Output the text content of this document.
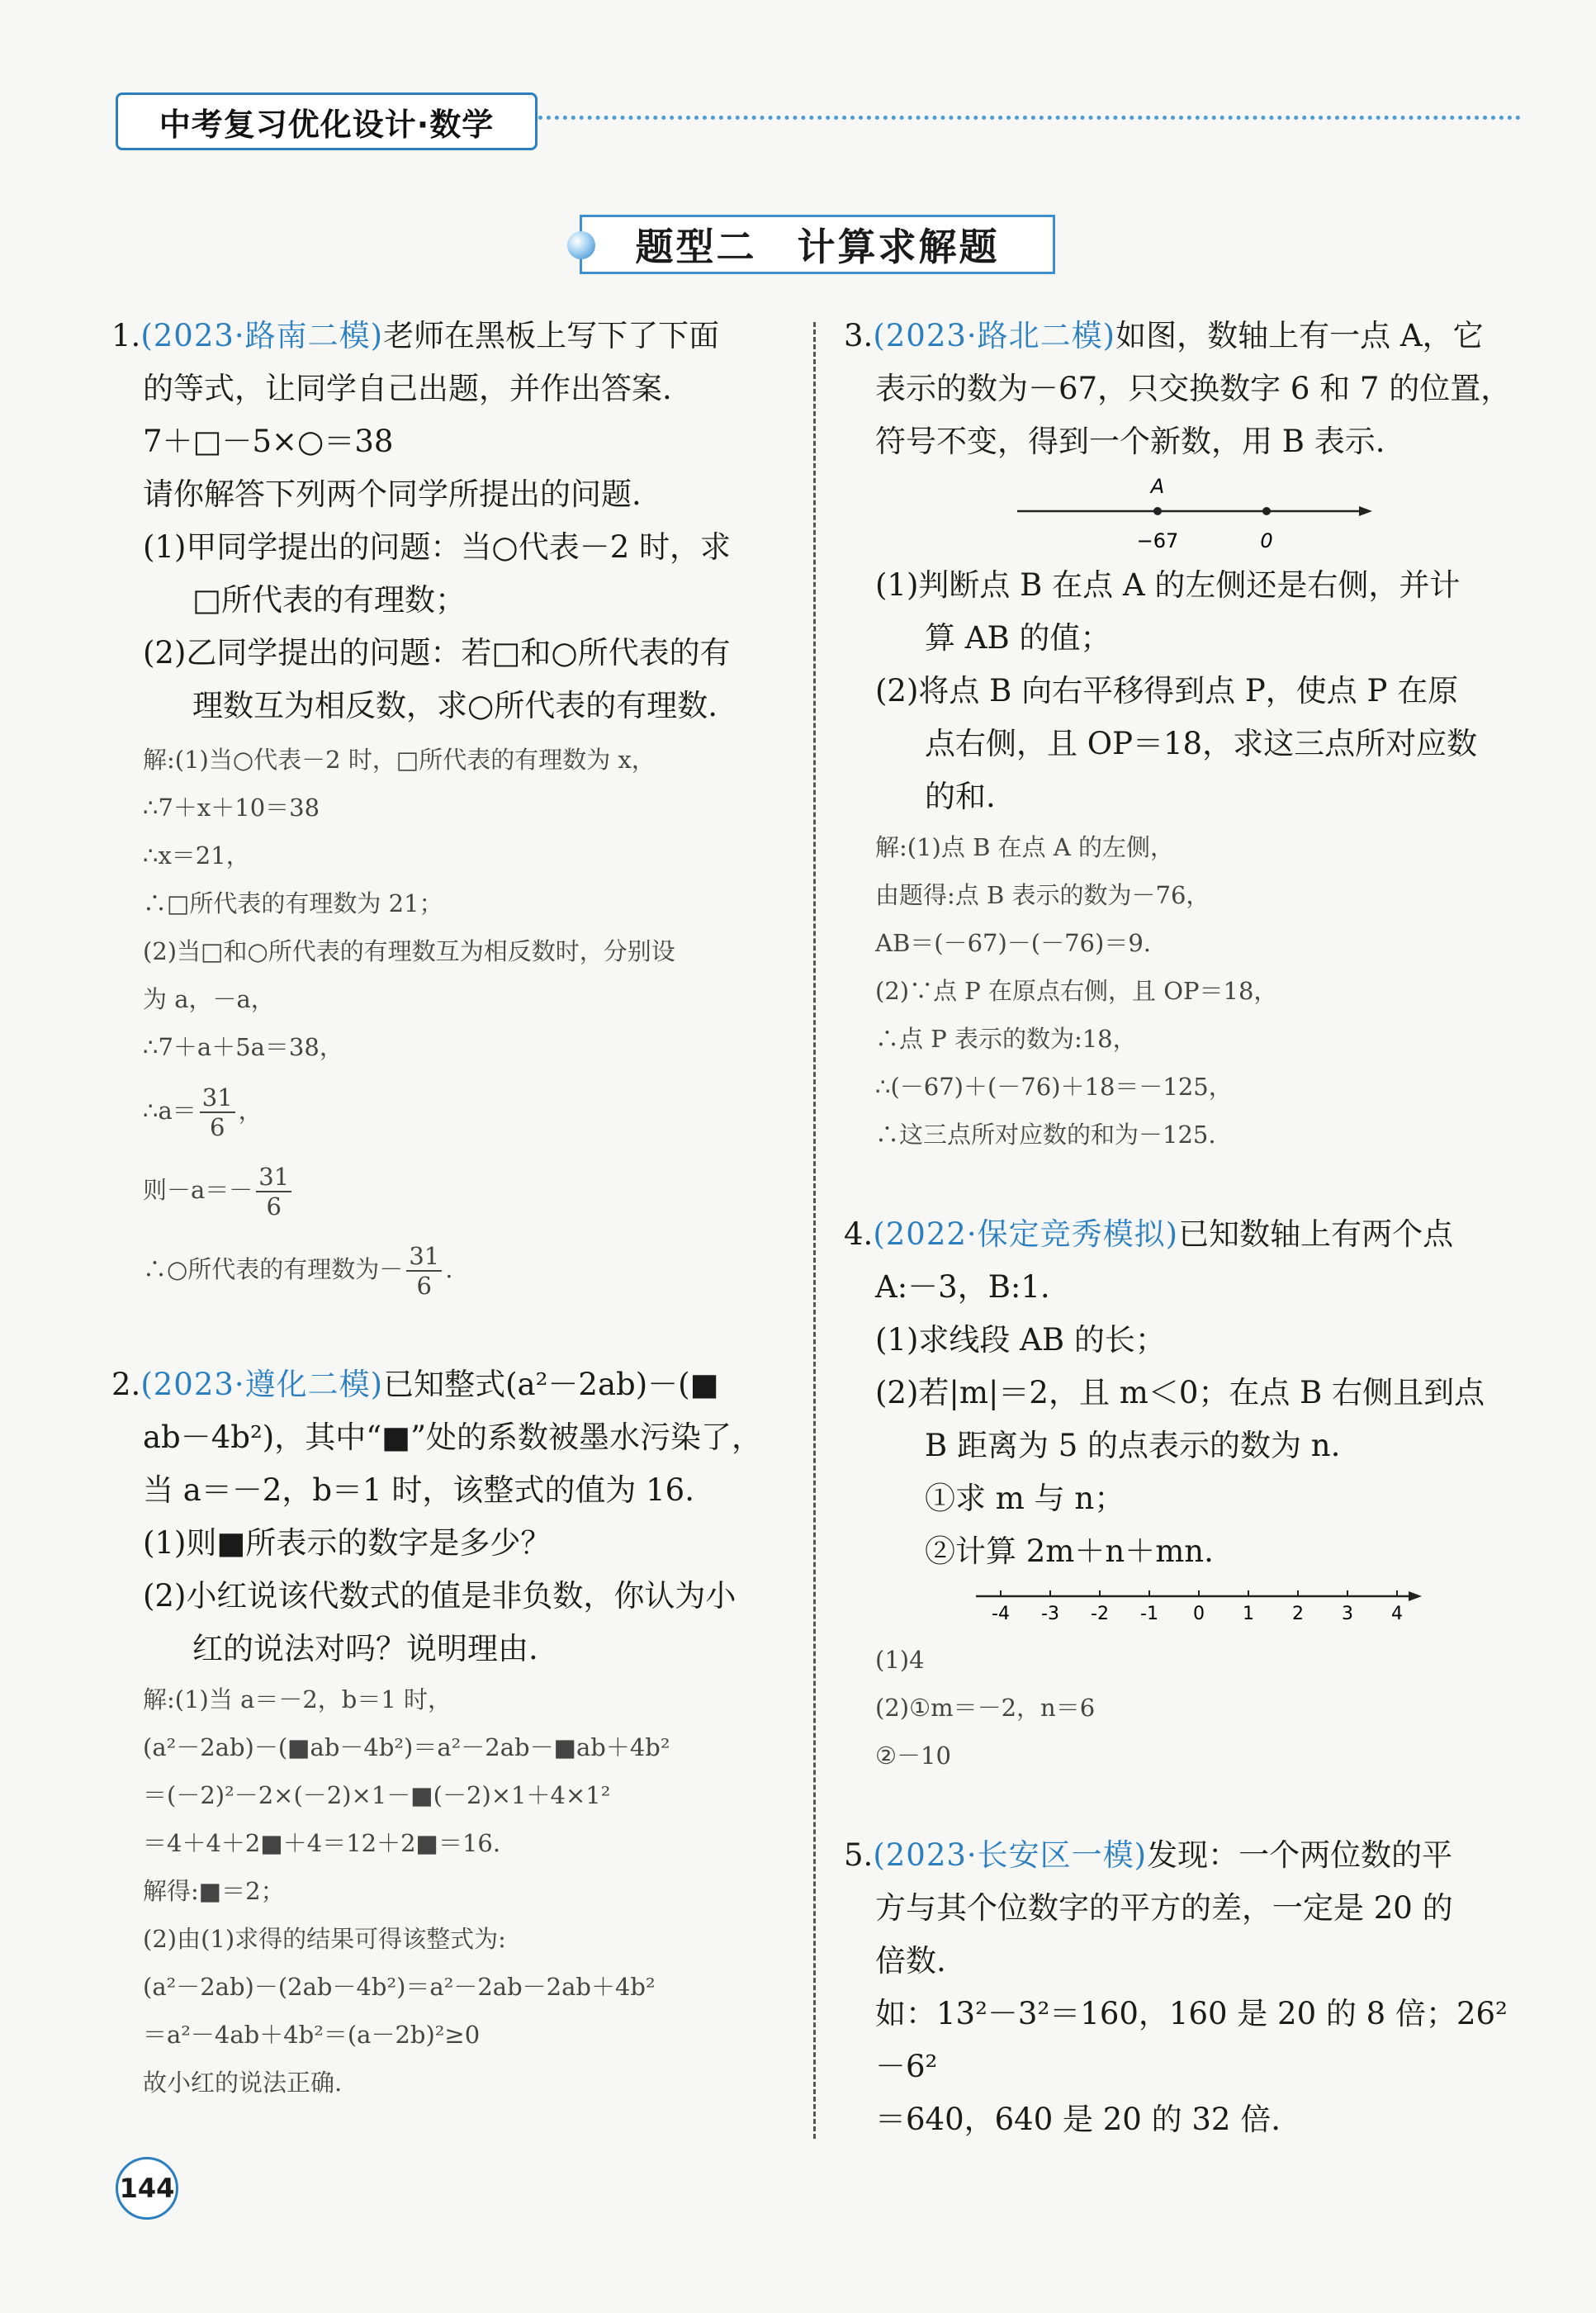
中考复习优化设计·数学
题型二　计算求解题

1.(2023·路南二模)老师在黑板上写下了下面

的等式，让同学自己出题，并作出答案.

7＋□－5×○＝38

请你解答下列两个同学所提出的问题.

(1)甲同学提出的问题：当○代表－2 时，求

□所代表的有理数；

(2)乙同学提出的问题：若□和○所代表的有

理数互为相反数，求○所代表的有理数.

解:(1)当○代表－2 时，□所代表的有理数为 x，

∴7＋x＋10＝38

∴x＝21，

∴□所代表的有理数为 21；

(2)当□和○所代表的有理数互为相反数时，分别设

为 a，－a，

∴7＋a＋5a＝38，

∴a＝ $\frac{31}{6}$ ，

则$-a=- \frac{31}{6}$

∴○所代表的有理数为－ $\frac{31}{6}$ .

2.(2023·遵化二模)已知整式(a²－2ab)－(■

ab－4b²)，其中“■”处的系数被墨水污染了，

当 a＝－2，b＝1 时，该整式的值为 16.

(1)则■所表示的数字是多少？

(2)小红说该代数式的值是非负数，你认为小

红的说法对吗？说明理由.

解:(1)当 a＝－2，b＝1 时，

(a²－2ab)－(■ab－4b²)＝a²－2ab－■ab＋4b²

＝(－2)²－2×(－2)×1－■(－2)×1＋4×1²

＝4＋4＋2■＋4＝12＋2■＝16.

解得:■＝2；

(2)由(1)求得的结果可得该整式为:

(a²－2ab)－(2ab－4b²)＝a²－2ab－2ab＋4b²

＝a²－4ab＋4b²＝(a－2b)²≥0

故小红的说法正确.

3.(2023·路北二模)如图，数轴上有一点 A，它

表示的数为－67，只交换数字 6 和 7 的位置，

符号不变，得到一个新数，用 B 表示.

A
−67	0

(1)判断点 B 在点 A 的左侧还是右侧，并计

算 AB 的值；

(2)将点 B 向右平移得到点 P，使点 P 在原

点右侧，且 OP＝18，求这三点所对应数

的和.

解:(1)点 B 在点 A 的左侧，

由题得:点 B 表示的数为－76，

AB＝(－67)－(－76)＝9.

(2)∵点 P 在原点右侧，且 OP＝18，

∴点 P 表示的数为:18，

∴(－67)＋(－76)＋18＝－125，

∴这三点所对应数的和为－125.

4.(2022·保定竞秀模拟)已知数轴上有两个点

A:－3，B:1.

(1)求线段 AB 的长；

(2)若|m|＝2，且 m＜0；在点 B 右侧且到点

B 距离为 5 的点表示的数为 n.

①求 m 与 n；

②计算 2m＋n＋mn.

-4 -3 -2 -1 0 1 2 3 4

(1)4

(2)①m＝－2，n＝6

②－10

5.(2023·长安区一模)发现：一个两位数的平

方与其个位数字的平方的差，一定是 20 的

倍数.

如：13²－3²＝160，160 是 20 的 8 倍；26²－6²

＝640，640 是 20 的 32 倍.

144
